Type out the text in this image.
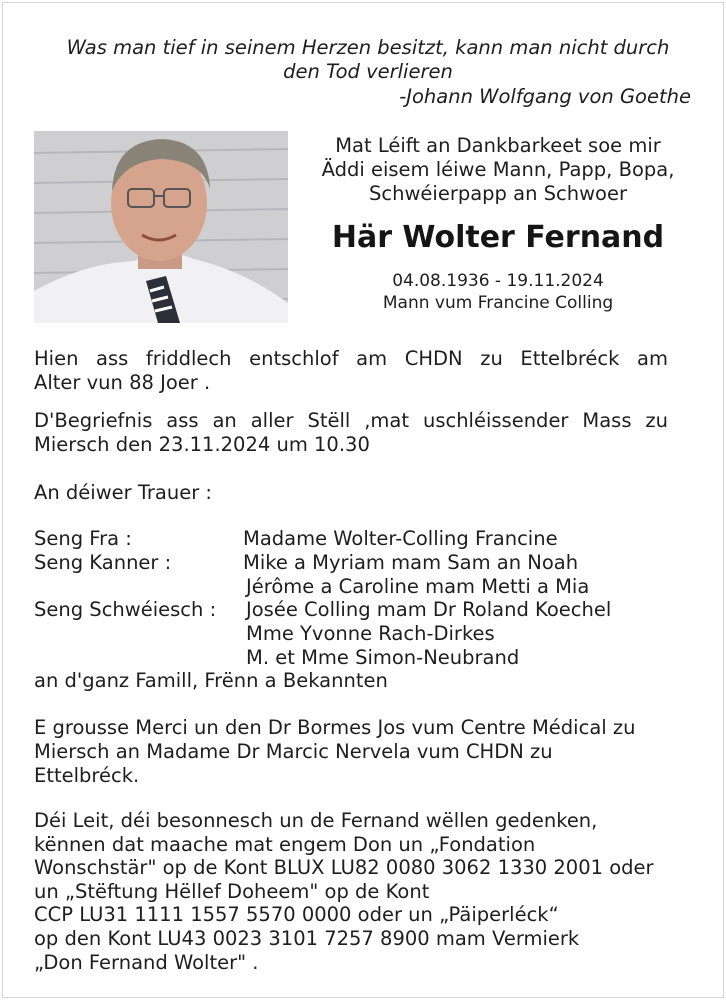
Was man tief in seinem Herzen besitzt, kann man nicht durch
den Tod verlieren
-Johann Wolfgang von Goethe
Mat Léift an Dankbarkeet soe mir
Äddi eisem léiwe Mann, Papp, Bopa,
Schwéierpapp an Schwoer
Här Wolter Fernand
04.08.1936 - 19.11.2024
Mann vum Francine Colling
Hien ass friddlech entschlof am CHDN zu Ettelbréck am
Alter vun 88 Joer .
D'Begriefnis ass an aller Stëll ,mat uschléissender Mass zu
Miersch den 23.11.2024 um 10.30
An déiwer Trauer :
Seng Fra :	Madame Wolter-Colling Francine
Seng Kanner :	Mike a Myriam mam Sam an Noah
Jérôme a Caroline mam Metti a Mia
Seng Schwéiesch : Josée Colling mam Dr Roland Koechel
Mme Yvonne Rach-Dirkes
M. et Mme Simon-Neubrand
an d'ganz Famill, Frënn a Bekannten
E grousse Merci un den Dr Bormes Jos vum Centre Médical zu
Miersch an Madame Dr Marcic Nervela vum CHDN zu
Ettelbréck.
Déi Leit, déi besonnesch un de Fernand wëllen gedenken,
kënnen dat maache mat engem Don un „Fondation
Wonschstär" op de Kont BLUX LU82 0080 3062 1330 2001 oder
un „Stëftung Hëllef Doheem" op de Kont
CCP LU31 1111 1557 5570 0000 oder un „Päiperléck“
op den Kont LU43 0023 3101 7257 8900 mam Vermierk
„Don Fernand Wolter" .
